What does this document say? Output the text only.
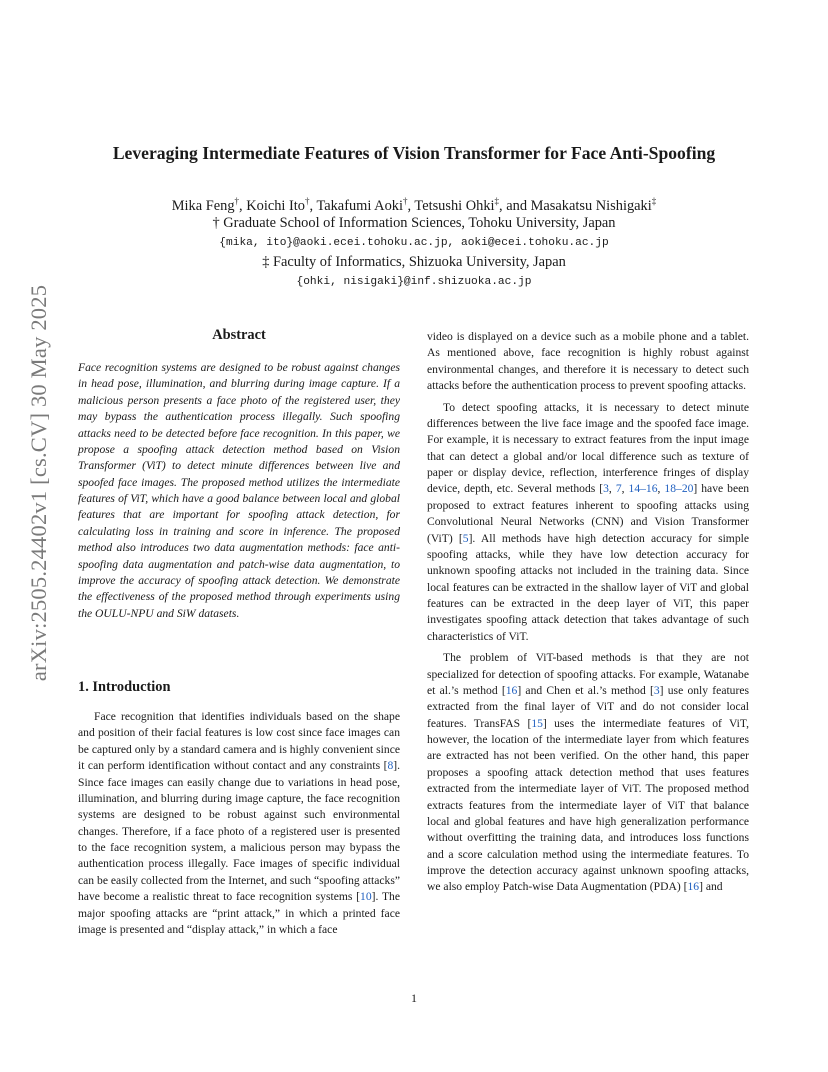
arXiv:2505.24402v1 [cs.CV] 30 May 2025
Leveraging Intermediate Features of Vision Transformer for Face Anti-Spoofing
Mika Feng†, Koichi Ito†, Takafumi Aoki†, Tetsushi Ohki‡, and Masakatsu Nishigaki‡
† Graduate School of Information Sciences, Tohoku University, Japan
{mika, ito}@aoki.ecei.tohoku.ac.jp, aoki@ecei.tohoku.ac.jp
‡ Faculty of Informatics, Shizuoka University, Japan
{ohki, nisigaki}@inf.shizuoka.ac.jp
Abstract

Face recognition systems are designed to be robust against changes in head pose, illumination, and blurring during image capture. If a malicious person presents a face photo of the registered user, they may bypass the authentication process illegally. Such spoofing attacks need to be detected before face recognition. In this paper, we propose a spoofing attack detection method based on Vision Transformer (ViT) to detect minute differences between live and spoofed face images. The proposed method utilizes the intermediate features of ViT, which have a good balance between local and global features that are important for spoofing attack detection, for calculating loss in training and score in inference. The proposed method also introduces two data augmentation methods: face anti-spoofing data augmentation and patch-wise data augmentation, to improve the accuracy of spoofing attack detection. We demonstrate the effectiveness of the proposed method through experiments using the OULU-NPU and SiW datasets.

1. Introduction

Face recognition that identifies individuals based on the shape and position of their facial features is low cost since face images can be captured only by a standard camera and is highly convenient since it can perform identification without contact and any constraints [8]. Since face images can easily change due to variations in head pose, illumination, and blurring during image capture, the face recognition systems are designed to be robust against such environmental changes. Therefore, if a face photo of a registered user is presented to the face recognition system, a malicious person may bypass the authentication process illegally. Face images of specific individual can be easily collected from the Internet, and such “spoofing attacks” have become a realistic threat to face recognition systems [10]. The major spoofing attacks are “print attack,” in which a printed face image is presented and “display attack,” in which a face

video is displayed on a device such as a mobile phone and a tablet. As mentioned above, face recognition is highly robust against environmental changes, and therefore it is necessary to detect such attacks before the authentication process to prevent spoofing attacks.

To detect spoofing attacks, it is necessary to detect minute differences between the live face image and the spoofed face image. For example, it is necessary to extract features from the input image that can detect a global and/or local difference such as texture of paper or display device, reflection, interference fringes of display device, depth, etc. Several methods [3, 7, 14–16, 18–20] have been proposed to extract features inherent to spoofing attacks using Convolutional Neural Networks (CNN) and Vision Transformer (ViT) [5]. All methods have high detection accuracy for simple spoofing attacks, while they have low detection accuracy for unknown spoofing attacks not included in the training data. Since local features can be extracted in the shallow layer of ViT and global features can be extracted in the deep layer of ViT, this paper investigates spoofing attack detection that takes advantage of such characteristics of ViT.

The problem of ViT-based methods is that they are not specialized for detection of spoofing attacks. For example, Watanabe et al.’s method [16] and Chen et al.’s method [3] use only features extracted from the final layer of ViT and do not consider local features. TransFAS [15] uses the intermediate features of ViT, however, the location of the intermediate layer from which features are extracted has not been verified. On the other hand, this paper proposes a spoofing attack detection method that uses features extracted from the intermediate layer of ViT. The proposed method extracts features from the intermediate layer of ViT that balance local and global features and have high generalization performance without overfitting the training data, and introduces loss functions and a score calculation method using the intermediate features. To improve the detection accuracy against unknown spoofing attacks, we also employ Patch-wise Data Augmentation (PDA) [16] and

1
